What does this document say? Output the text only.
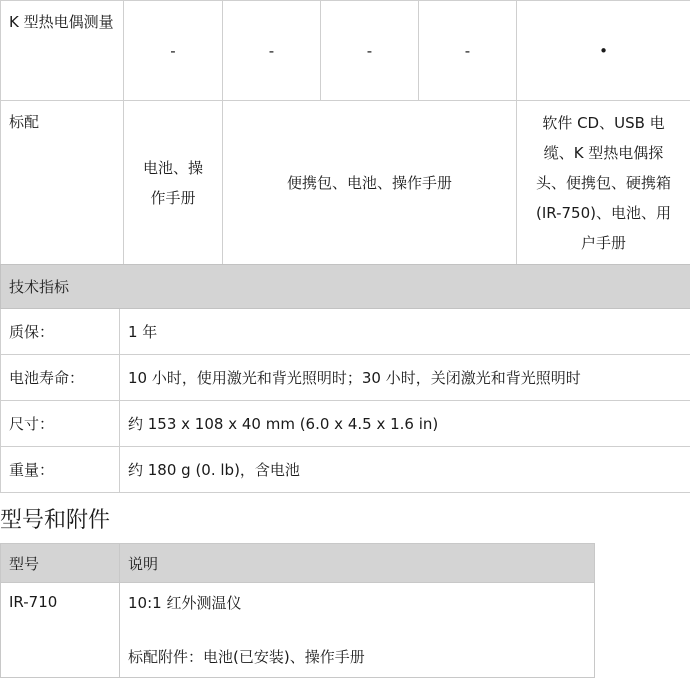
K 型热电偶测量	-	-	-	-	•
标配	电池、操作手册	便携包、电池、操作手册			软件 CD、USB 电缆、K 型热电偶探头、便携包、硬携箱 (IR-750)、电池、用户手册
技术指标	
质保：	1 年
电池寿命：	10 小时，使用激光和背光照明时；30 小时，关闭激光和背光照明时
尺寸：	约 153 x 108 x 40 mm (6.0 x 4.5 x 1.6 in)
重量：	约 180 g (0. lb)，含电池
型号和附件
型号	说明
IR-710	10:1 红外测温仪
标配附件：电池(已安装)、操作手册
